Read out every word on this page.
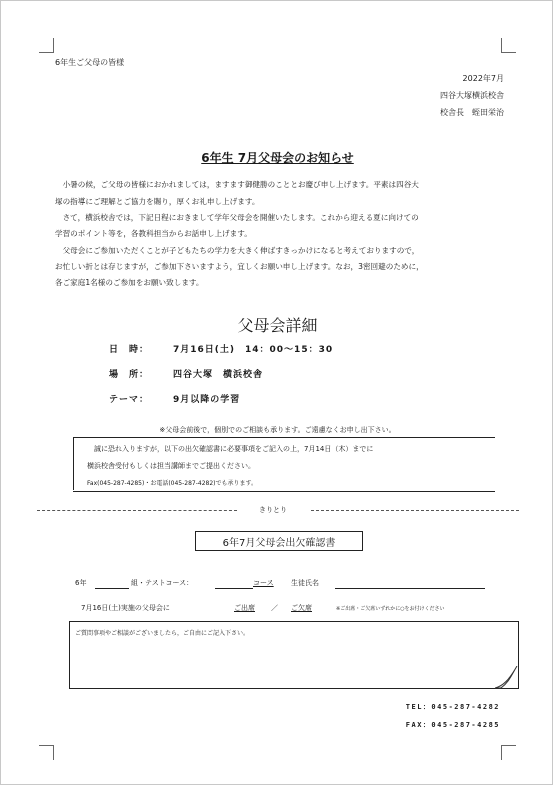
6年生ご父母の皆様
2022年7月
四谷大塚横浜校舎
校舎長　蛭田栄治
6年生 7月父母会のお知らせ
　小暑の候，ご父母の皆様におかれましては，ますます御健勝のこととお慶び申し上げます。平素は四谷大
塚の指導にご理解とご協力を賜り，厚くお礼申し上げます。
　さて，横浜校舎では，下記日程におきまして学年父母会を開催いたします。これから迎える夏に向けての
学習のポイント等を，各教科担当からお話申し上げます。
　父母会にご参加いただくことが子どもたちの学力を大きく伸ばすきっかけになると考えておりますので，
お忙しい折とは存じますが，ご参加下さいますよう，宜しくお願い申し上げます。なお，3密回避のために，
各ご家庭1名様のご参加をお願い致します。
父母会詳細
日　時：	7月16日(土)　14：00〜15：30
場　所：	四谷大塚　横浜校舎
テーマ：	9月以降の学習
※父母会前後で，個別でのご相談も承ります。ご遠慮なくお申し出下さい。
　誠に恐れ入りますが，以下の出欠確認書に必要事項をご記入の上，7月14日（木）までに
横浜校舎受付もしくは担当講師までご提出ください。
Fax(045-287-4285)・お電話(045-287-4282)でも承ります。
きりとり
6年7月父母会出欠確認書
6年	組・テストコース：	コース 生徒氏名
7月16日(土)実施の父母会に	ご出席 ／ ご欠席	※ご出席・ご欠席いずれかに○をお付けください
ご質問事項やご相談がございましたら，ご自由にご記入下さい。
TEL：045-287-4282
FAX：045-287-4285
